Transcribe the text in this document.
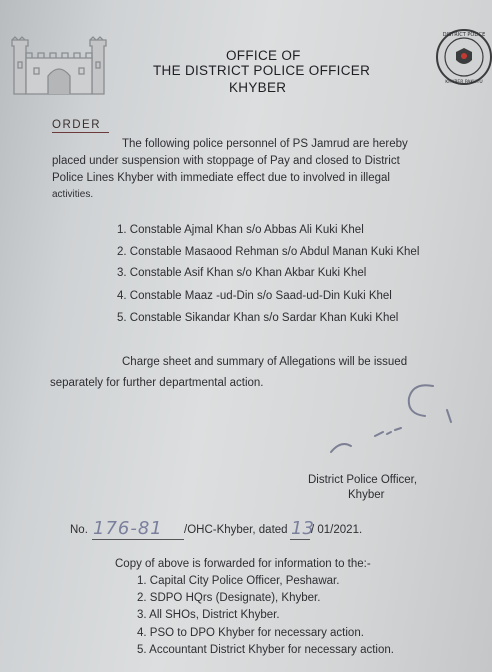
OFFICE OF
THE DISTRICT POLICE OFFICER
KHYBER
DISTRICT POLICE
KHYBER PAKHTU
ORDER
The following police personnel of PS Jamrud are hereby
placed under suspension with stoppage of Pay and closed to District
Police Lines Khyber with immediate effect due to involved in illegal
activities.
1. Constable Ajmal Khan s/o Abbas Ali Kuki Khel
2. Constable Masaood Rehman s/o Abdul Manan Kuki Khel
3. Constable Asif Khan s/o Khan Akbar Kuki Khel
4. Constable Maaz -ud-Din s/o Saad-ud-Din Kuki Khel
5. Constable Sikandar Khan s/o Sardar Khan Kuki Khel
Charge sheet and summary of Allegations will be issued
separately for further departmental action.
District Police Officer,
Khyber
No. 176-81 /OHC-Khyber, dated 13
/ 01/2021.
Copy of above is forwarded for information to the:-
1. Capital City Police Officer, Peshawar.
2. SDPO HQrs (Designate), Khyber.
3. All SHOs, District Khyber.
4. PSO to DPO Khyber for necessary action.
5. Accountant District Khyber for necessary action.
